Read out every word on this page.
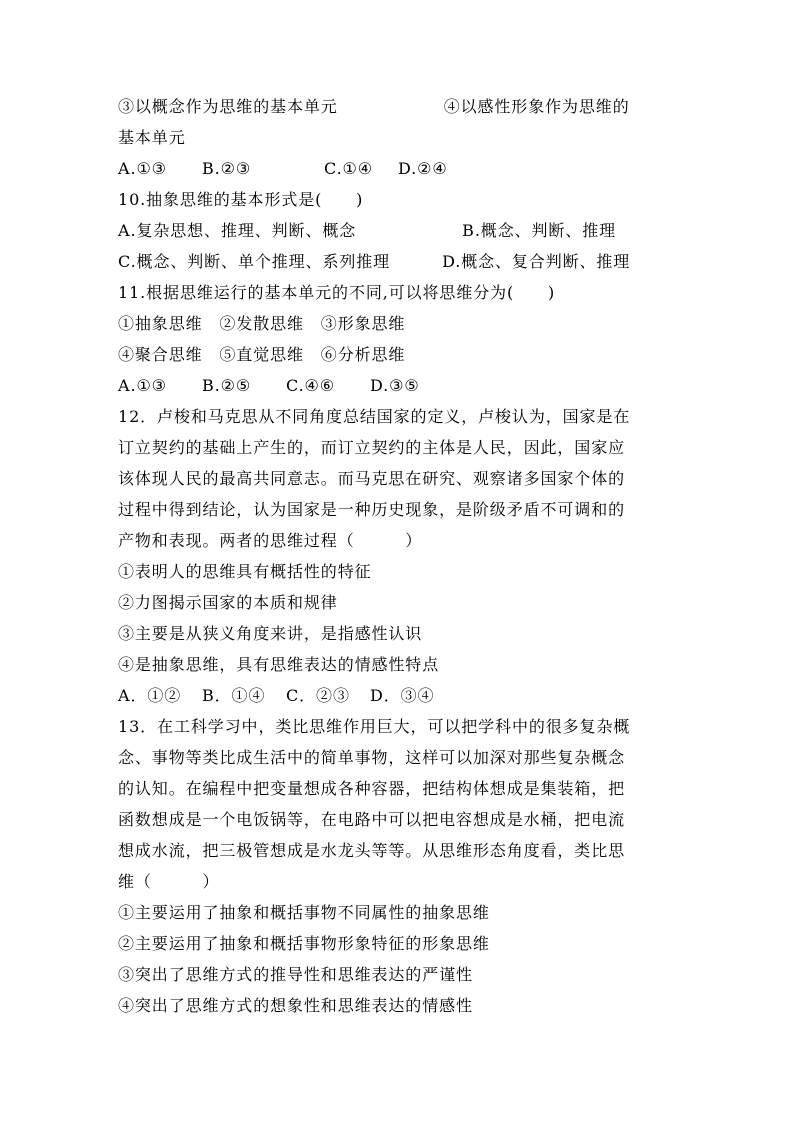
③以概念作为思维的基本单元	④以感性形象作为思维的
基本单元
A.①③ B.②③	C.①④ D.②④
10.抽象思维的基本形式是(　　)
A.复杂思想、推理、判断、概念	B.概念、判断、推理
C.概念、判断、单个推理、系列推理	D.概念、复合判断、推理
11.根据思维运行的基本单元的不同,可以将思维分为(　　)
①抽象思维　②发散思维　③形象思维
④聚合思维　⑤直觉思维　⑥分析思维
A.①③ B.②⑤ C.④⑥ D.③⑤
12．卢梭和马克思从不同角度总结国家的定义，卢梭认为，国家是在
订立契约的基础上产生的，而订立契约的主体是人民，因此，国家应
该体现人民的最高共同意志。而马克思在研究、观察诸多国家个体的
过程中得到结论，认为国家是一种历史现象，是阶级矛盾不可调和的
产物和表现。两者的思维过程（　　　）
①表明人的思维具有概括性的特征
②力图揭示国家的本质和规律
③主要是从狭义角度来讲，是指感性认识
④是抽象思维，具有思维表达的情感性特点
A．①② B．①④ C．②③ D．③④
13．在工科学习中，类比思维作用巨大，可以把学科中的很多复杂概
念、事物等类比成生活中的简单事物，这样可以加深对那些复杂概念
的认知。在编程中把变量想成各种容器，把结构体想成是集装箱，把
函数想成是一个电饭锅等，在电路中可以把电容想成是水桶，把电流
想成水流，把三极管想成是水龙头等等。从思维形态角度看，类比思
维（　　　）
①主要运用了抽象和概括事物不同属性的抽象思维
②主要运用了抽象和概括事物形象特征的形象思维
③突出了思维方式的推导性和思维表达的严谨性
④突出了思维方式的想象性和思维表达的情感性
